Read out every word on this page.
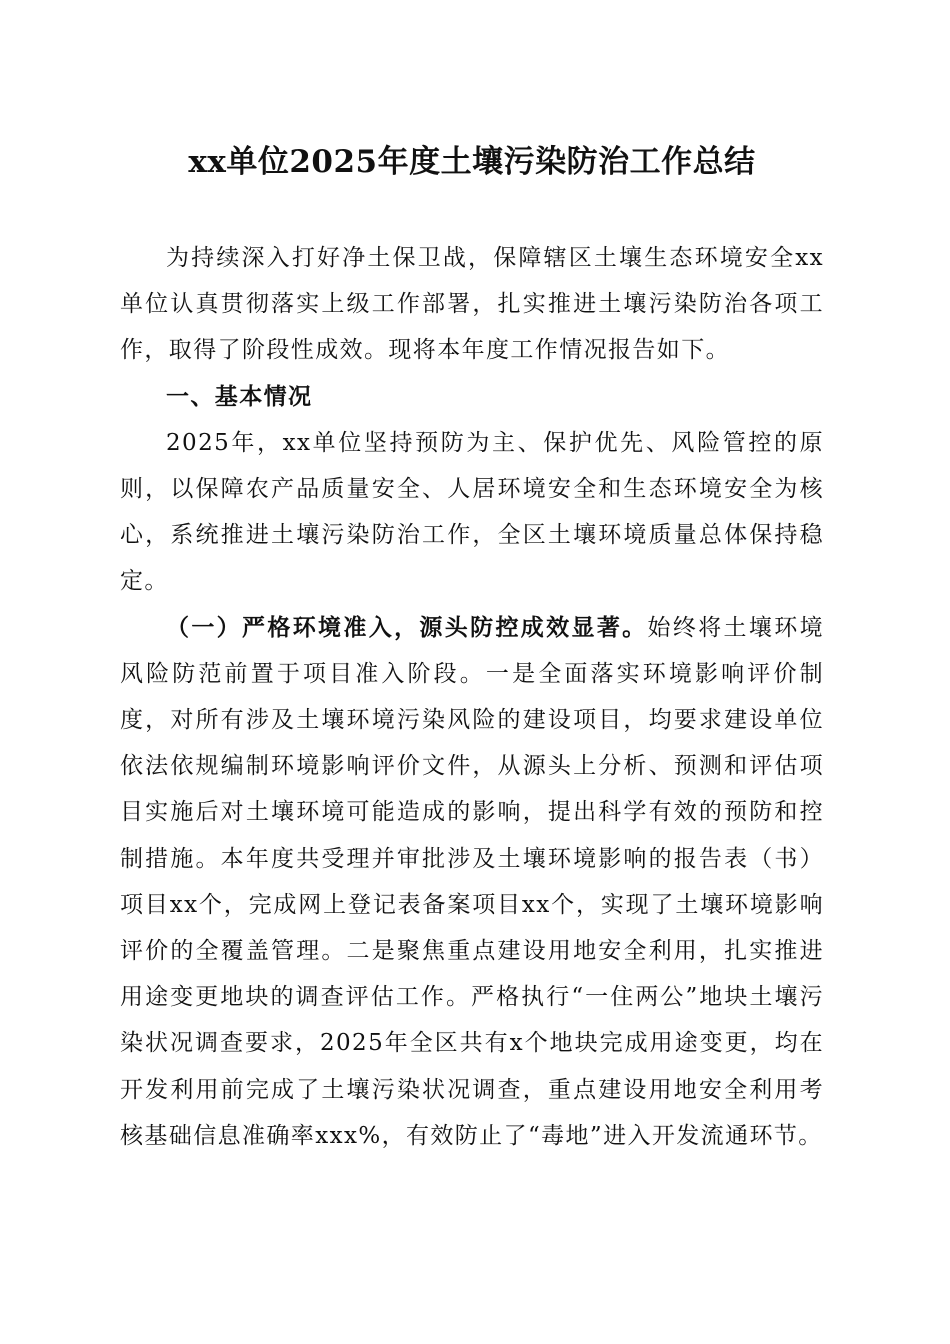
xx单位2025年度土壤污染防治工作总结

为持续深入打好净土保卫战，保障辖区土壤生态环境安全xx单位认真贯彻落实上级工作部署，扎实推进土壤污染防治各项工作，取得了阶段性成效。现将本年度工作情况报告如下。

一、基本情况

2025年，xx单位坚持预防为主、保护优先、风险管控的原则，以保障农产品质量安全、人居环境安全和生态环境安全为核心，系统推进土壤污染防治工作，全区土壤环境质量总体保持稳定。

（一）严格环境准入，源头防控成效显著。始终将土壤环境风险防范前置于项目准入阶段。一是全面落实环境影响评价制度，对所有涉及土壤环境污染风险的建设项目，均要求建设单位依法依规编制环境影响评价文件，从源头上分析、预测和评估项目实施后对土壤环境可能造成的影响，提出科学有效的预防和控制措施。本年度共受理并审批涉及土壤环境影响的报告表（书）项目xx个，完成网上登记表备案项目xx个，实现了土壤环境影响评价的全覆盖管理。二是聚焦重点建设用地安全利用，扎实推进用途变更地块的调查评估工作。严格执行“一住两公”地块土壤污染状况调查要求，2025年全区共有x个地块完成用途变更，均在开发利用前完成了土壤污染状况调查，重点建设用地安全利用考核基础信息准确率xxx%，有效防止了“毒地”进入开发流通环节。
